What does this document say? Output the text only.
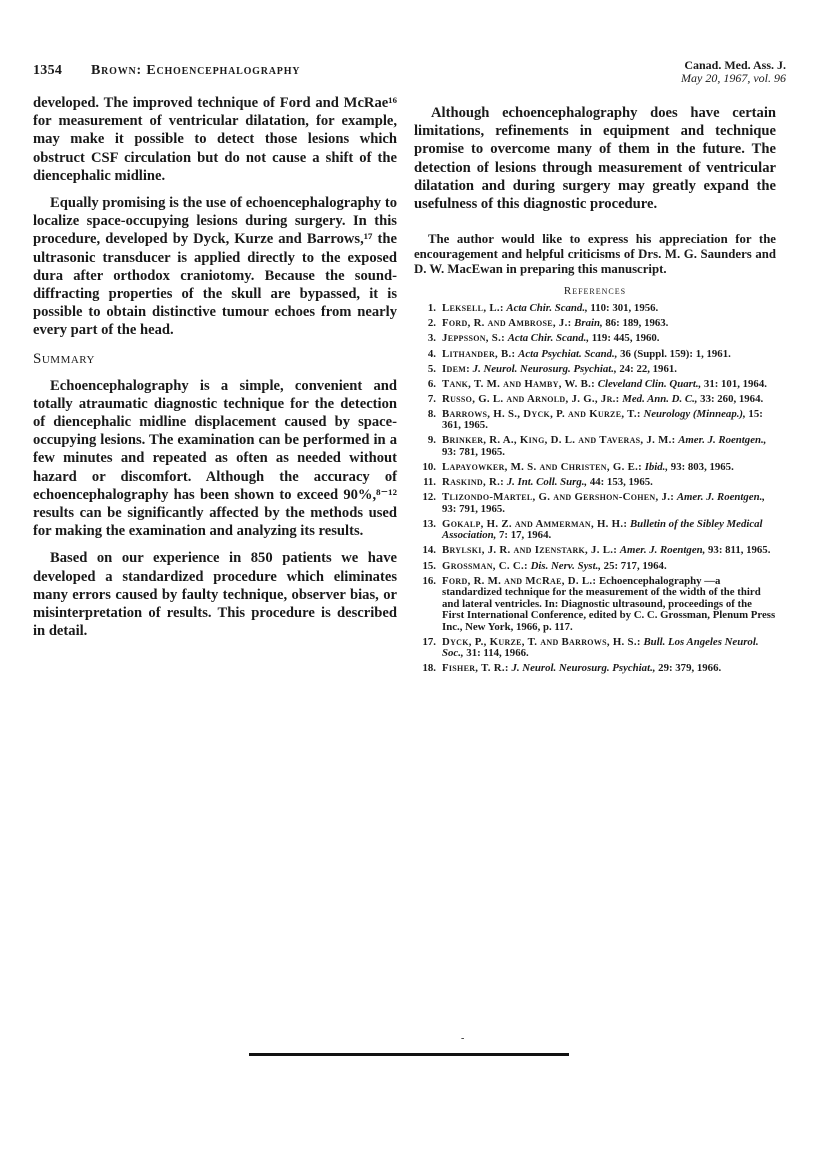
1354 Brown: Echoencephalography	Canad. Med. Ass. J.
May 20, 1967, vol. 96

developed. The improved technique of Ford and McRae¹⁶ for measurement of ventricular dilatation, for example, may make it possible to detect those lesions which obstruct CSF circulation but do not cause a shift of the diencephalic midline.

Equally promising is the use of echoencephalography to localize space-occupying lesions during surgery. In this procedure, developed by Dyck, Kurze and Barrows,¹⁷ the ultrasonic transducer is applied directly to the exposed dura after orthodox craniotomy. Because the sound-diffracting properties of the skull are bypassed, it is possible to obtain distinctive tumour echoes from nearly every part of the head.

Summary

Echoencephalography is a simple, convenient and totally atraumatic diagnostic technique for the detection of diencephalic midline displacement caused by space-occupying lesions. The examination can be performed in a few minutes and repeated as often as needed without hazard or discomfort. Although the accuracy of echoencephalography has been shown to exceed 90%,⁸⁻¹² results can be significantly affected by the methods used for making the examination and analyzing its results.

Based on our experience in 850 patients we have developed a standardized procedure which eliminates many errors caused by faulty technique, observer bias, or misinterpretation of results. This procedure is described in detail.

Although echoencephalography does have certain limitations, refinements in equipment and technique promise to overcome many of them in the future. The detection of lesions through measurement of ventricular dilatation and during surgery may greatly expand the usefulness of this diagnostic procedure.

The author would like to express his appreciation for the encouragement and helpful criticisms of Drs. M. G. Saunders and D. W. MacEwan in preparing this manuscript.

References
1. Leksell, L.: Acta Chir. Scand., 110: 301, 1956.
2. Ford, R. and Ambrose, J.: Brain, 86: 189, 1963.
3. Jeppsson, S.: Acta Chir. Scand., 119: 445, 1960.
4. Lithander, B.: Acta Psychiat. Scand., 36 (Suppl. 159): 1, 1961.
5. Idem: J. Neurol. Neurosurg. Psychiat., 24: 22, 1961.
6. Tank, T. M. and Hamby, W. B.: Cleveland Clin. Quart., 31: 101, 1964.
7. Russo, G. L. and Arnold, J. G., Jr.: Med. Ann. D. C., 33: 260, 1964.
8. Barrows, H. S., Dyck, P. and Kurze, T.: Neurology (Minneap.), 15: 361, 1965.
9. Brinker, R. A., King, D. L. and Taveras, J. M.: Amer. J. Roentgen., 93: 781, 1965.
10. Lapayowker, M. S. and Christen, G. E.: Ibid., 93: 803, 1965.
11. Raskind, R.: J. Int. Coll. Surg., 44: 153, 1965.
12. Tlizondo-Martel, G. and Gershon-Cohen, J.: Amer. J. Roentgen., 93: 791, 1965.
13. Gokalp, H. Z. and Ammerman, H. H.: Bulletin of the Sibley Medical Association, 7: 17, 1964.
14. Brylski, J. R. and Izenstark, J. L.: Amer. J. Roentgen, 93: 811, 1965.
15. Grossman, C. C.: Dis. Nerv. Syst., 25: 717, 1964.
16. Ford, R. M. and McRae, D. L.: Echoencephalography —a standardized technique for the measurement of the width of the third and lateral ventricles. In: Diagnostic ultrasound, proceedings of the First International Conference, edited by C. C. Grossman, Plenum Press Inc., New York, 1966, p. 117.
17. Dyck, P., Kurze, T. and Barrows, H. S.: Bull. Los Angeles Neurol. Soc., 31: 114, 1966.
18. Fisher, T. R.: J. Neurol. Neurosurg. Psychiat., 29: 379, 1966.
-
